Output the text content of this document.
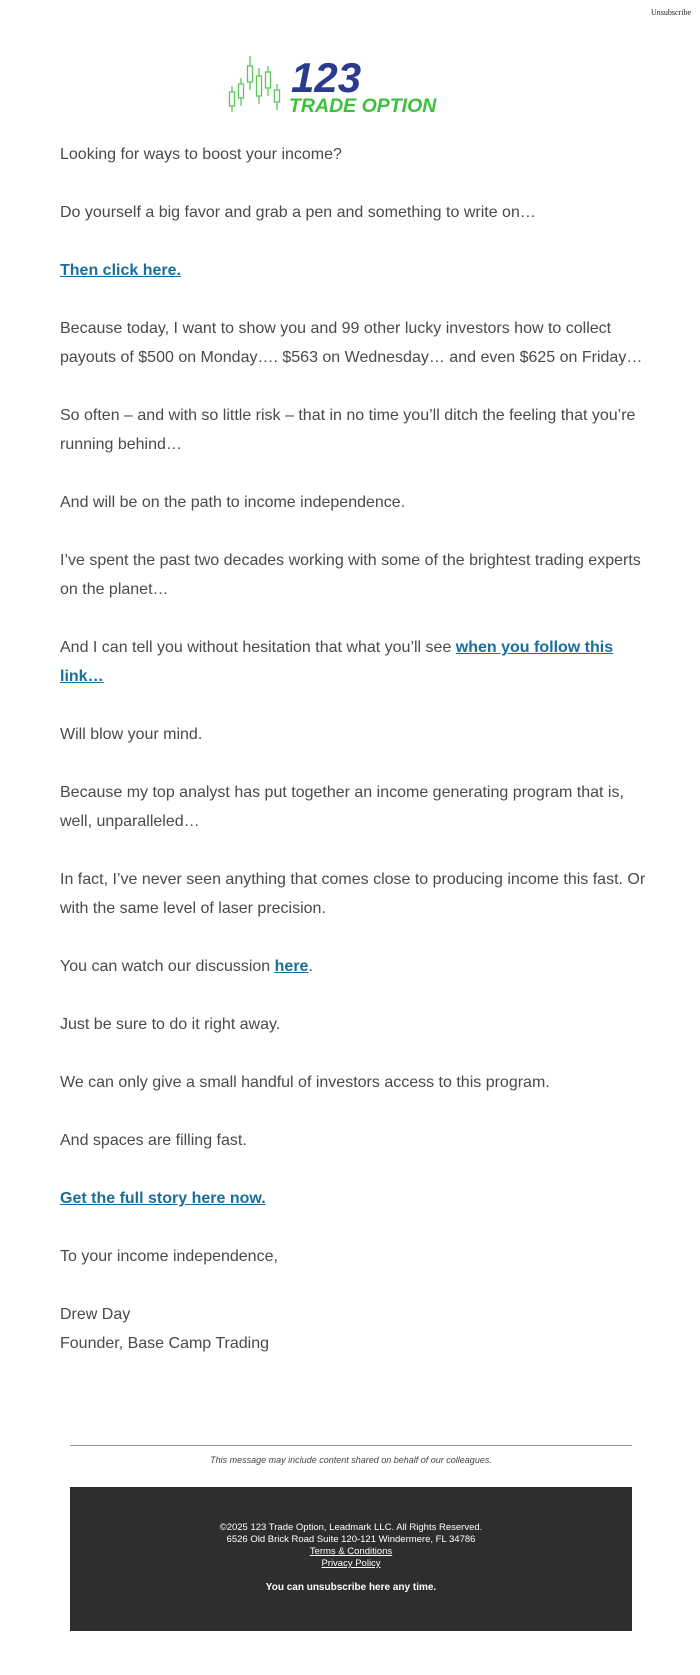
Unsubscribe
123
TRADE OPTION

Looking for ways to boost your income?

Do yourself a big favor and grab a pen and something to write on…

Then click here.

Because today, I want to show you and 99 other lucky investors how to collect payouts of $500 on Monday…. $563 on Wednesday… and even $625 on Friday…

So often – and with so little risk – that in no time you’ll ditch the feeling that you’re running behind…

And will be on the path to income independence.

I’ve spent the past two decades working with some of the brightest trading experts on the planet…

And I can tell you without hesitation that what you’ll see when you follow this link…

Will blow your mind.

Because my top analyst has put together an income generating program that is, well, unparalleled…

In fact, I’ve never seen anything that comes close to producing income this fast. Or with the same level of laser precision.

You can watch our discussion here.

Just be sure to do it right away.

We can only give a small handful of investors access to this program.

And spaces are filling fast.

Get the full story here now.

To your income independence,

Drew Day
Founder, Base Camp Trading

This message may include content shared on behalf of our colleagues.
©2025 123 Trade Option, Leadmark LLC. All Rights Reserved.
6526 Old Brick Road Suite 120-121 Windermere, FL 34786
Terms & Conditions
Privacy Policy
You can unsubscribe here any time.
